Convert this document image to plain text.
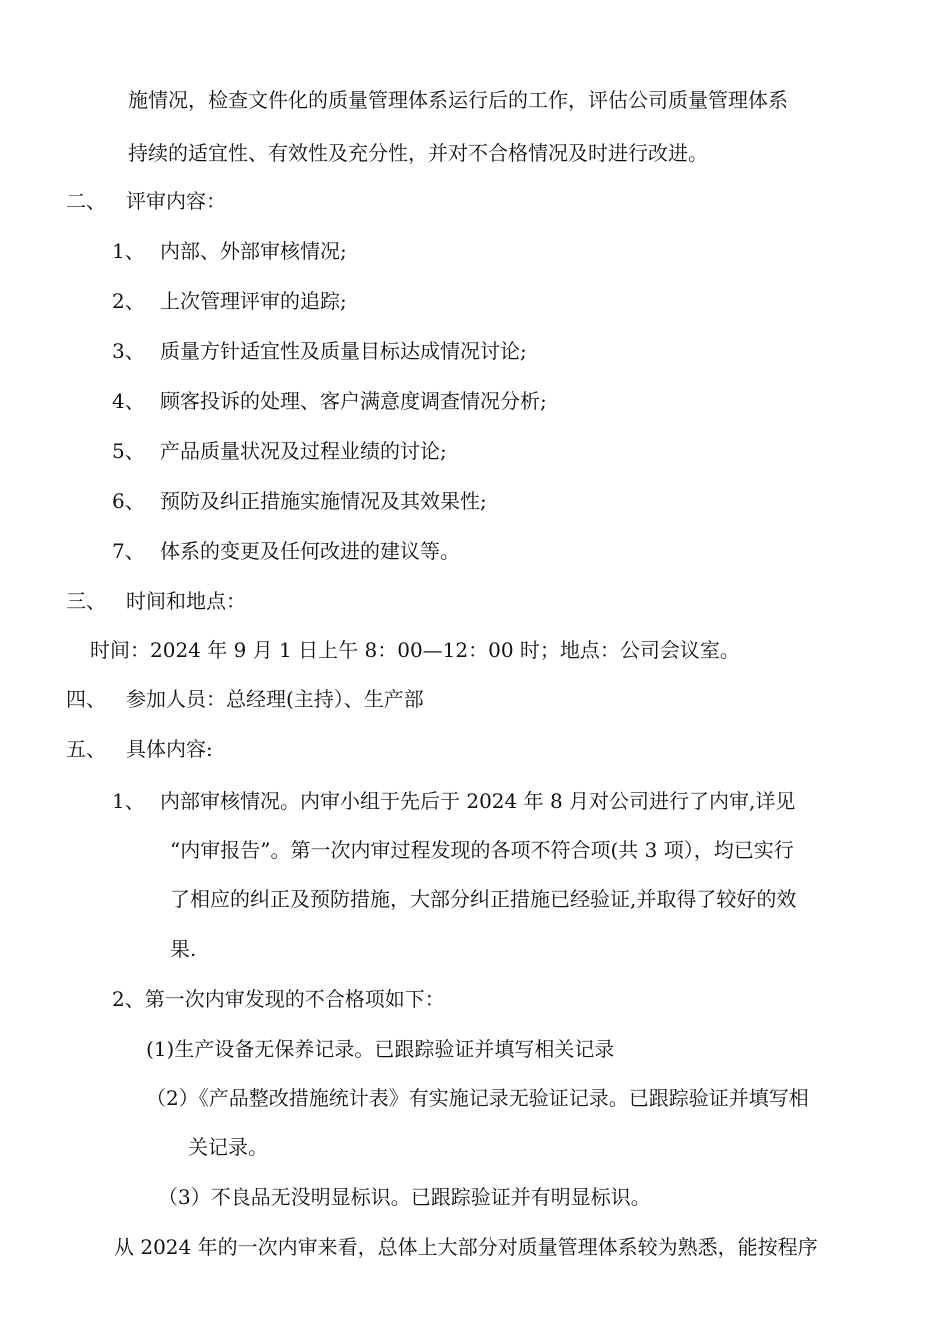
施情况，检查文件化的质量管理体系运行后的工作，评估公司质量管理体系
持续的适宜性、有效性及充分性，并对不合格情况及时进行改进。
二、 评审内容：
1、 内部、外部审核情况;
2、 上次管理评审的追踪;
3、 质量方针适宜性及质量目标达成情况讨论;
4、 顾客投诉的处理、客户满意度调查情况分析;
5、 产品质量状况及过程业绩的讨论;
6、 预防及纠正措施实施情况及其效果性;
7、 体系的变更及任何改进的建议等。
三、 时间和地点：
时间：2024 年 9 月 1 日上午 8：00—12：00 时；地点：公司会议室。
四、 参加人员：总经理(主持）、生产部
五、 具体内容:
1、 内部审核情况。内审小组于先后于 2024 年 8 月对公司进行了内审,详见
“内审报告”。第一次内审过程发现的各项不符合项(共 3 项），均已实行
了相应的纠正及预防措施，大部分纠正措施已经验证,并取得了较好的效
果.
2、第一次内审发现的不合格项如下：
(1)生产设备无保养记录。已跟踪验证并填写相关记录
（2）《产品整改措施统计表》有实施记录无验证记录。已跟踪验证并填写相
关记录。
（3）不良品无没明显标识。已跟踪验证并有明显标识。
从 2024 年的一次内审来看，总体上大部分对质量管理体系较为熟悉，能按程序
